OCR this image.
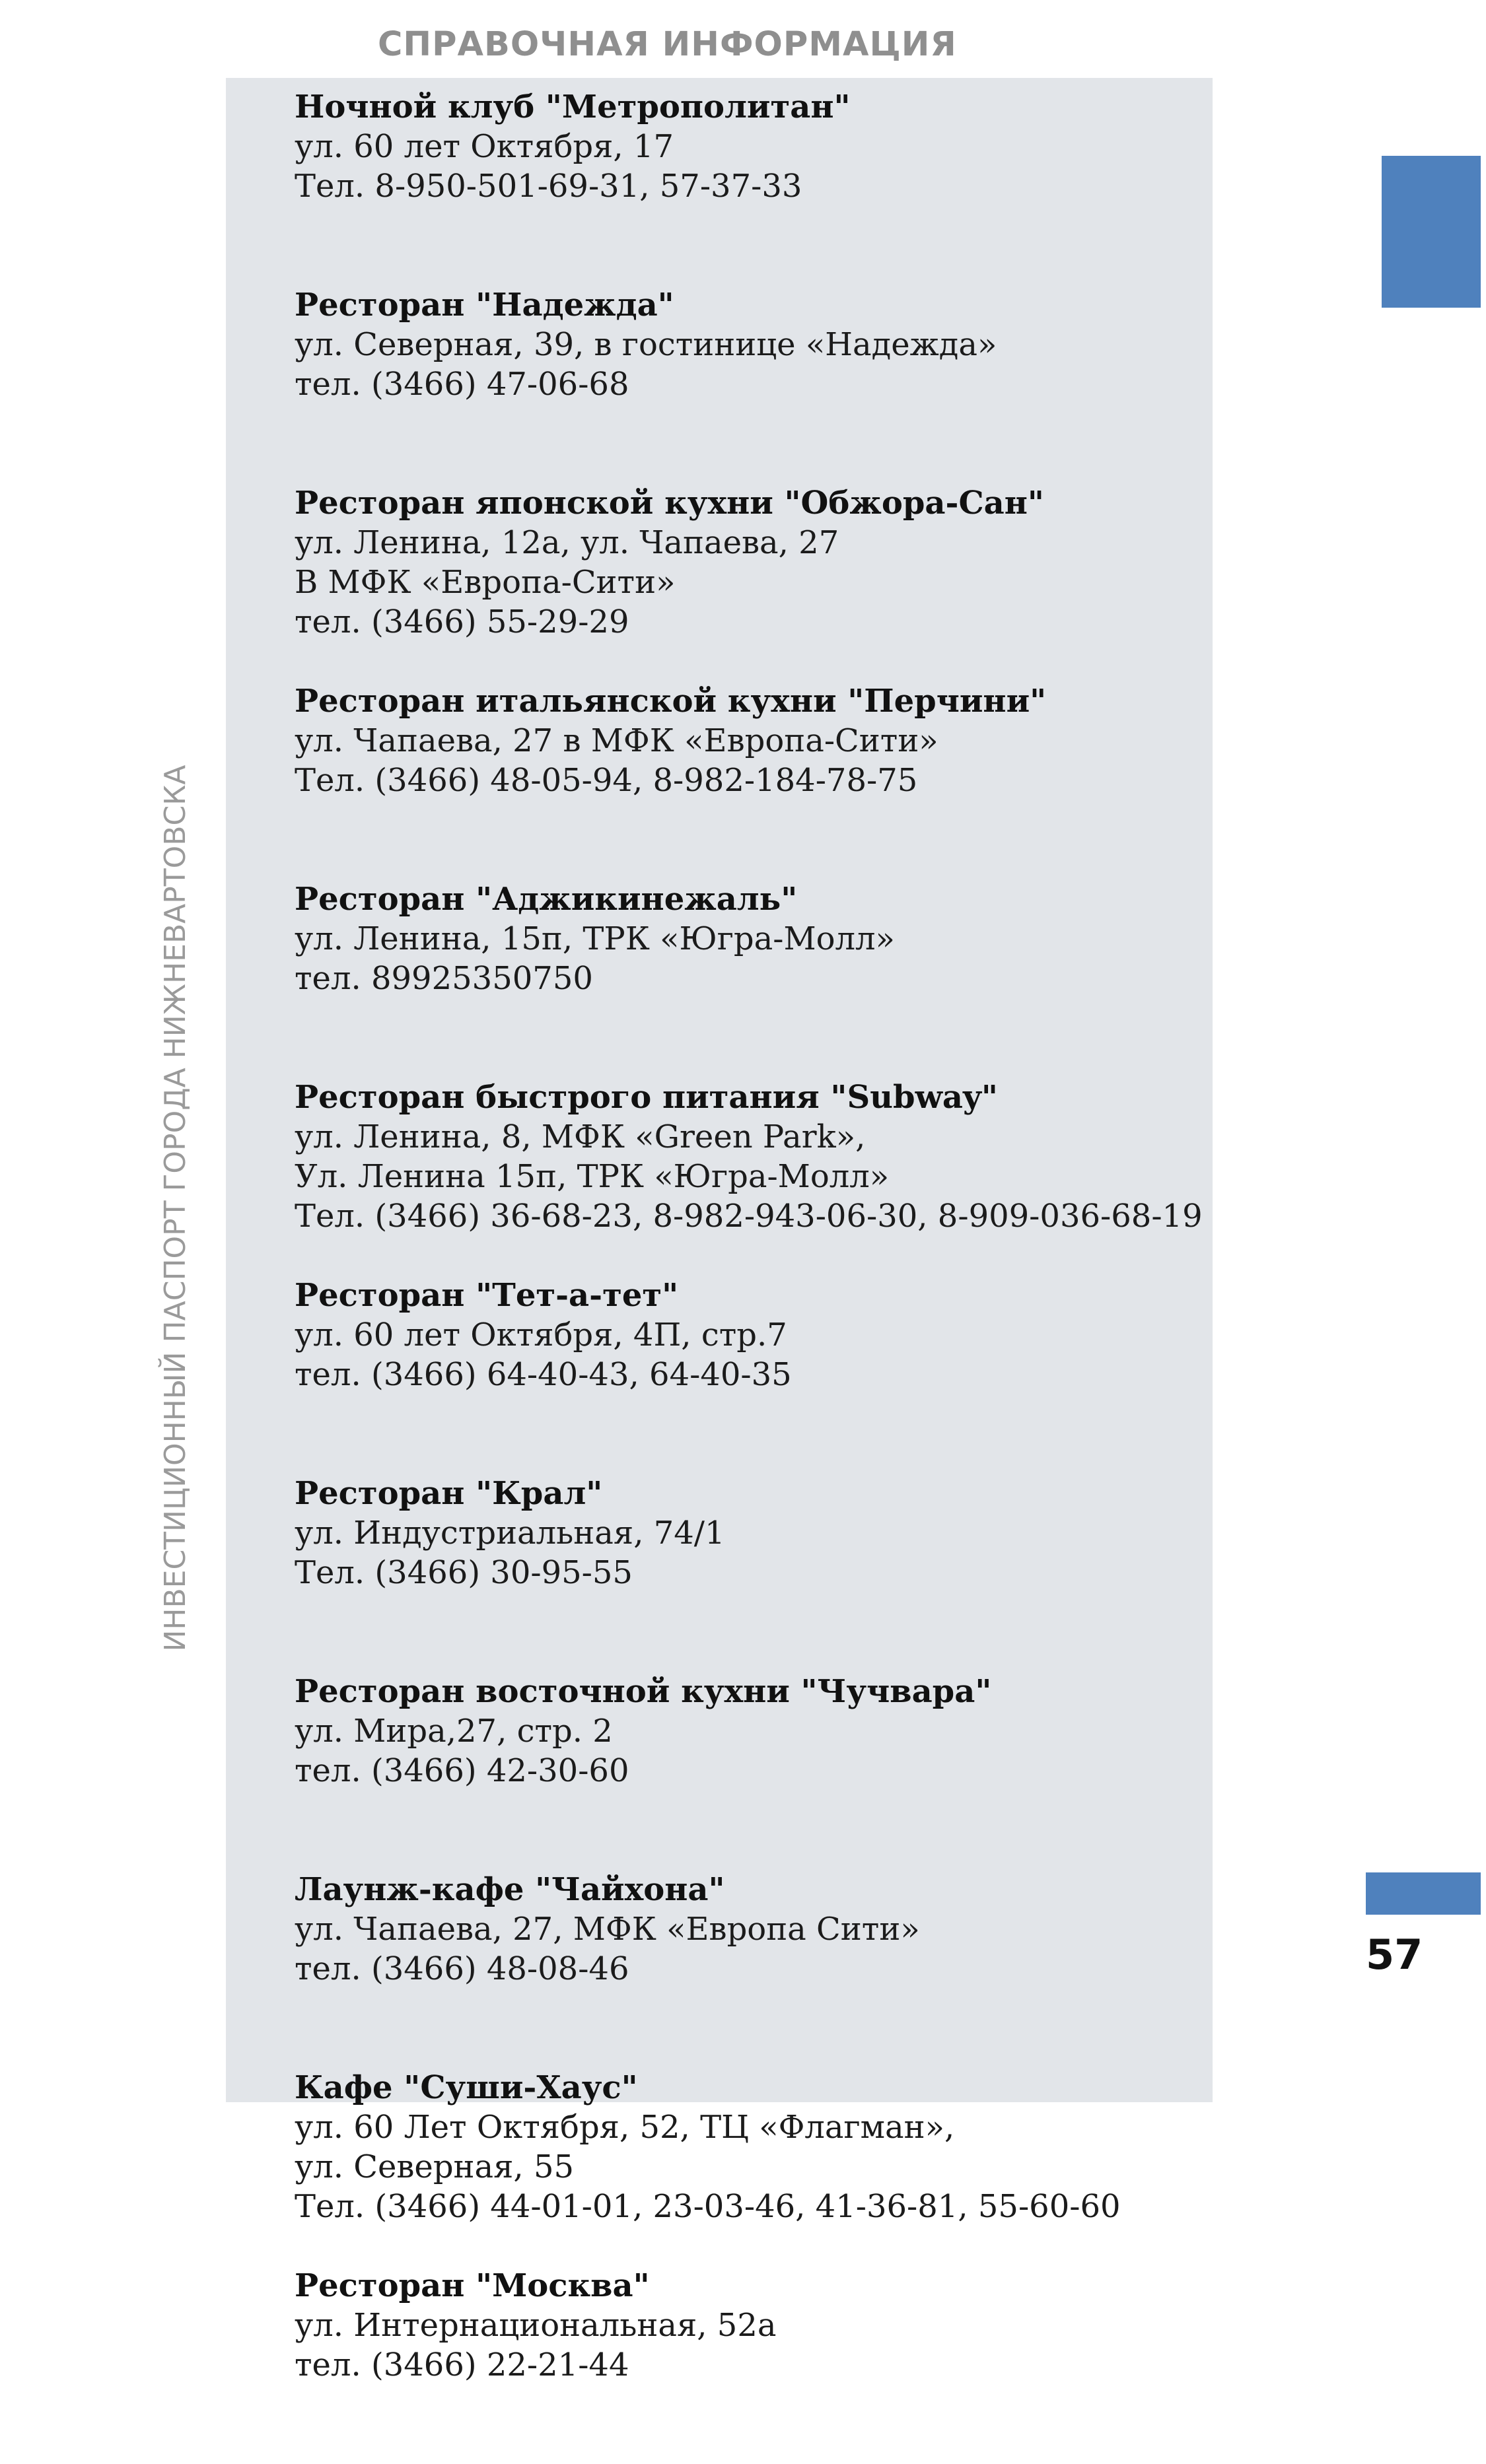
СПРАВОЧНАЯ ИНФОРМАЦИЯ
ИНВЕСТИЦИОННЫЙ ПАСПОРТ ГОРОДА НИЖНЕВАРТОВСКА
Ночной клуб "Метрополитан"
ул. 60 лет Октября, 17
Тел. 8-950-501-69-31, 57-37-33
Ресторан "Надежда"
ул. Северная, 39, в гостинице «Надежда»
тел. (3466) 47-06-68
Ресторан японской кухни "Обжора-Сан"
ул. Ленина, 12а, ул. Чапаева, 27
В МФК «Европа-Сити»
тел. (3466) 55-29-29
Ресторан итальянской кухни "Перчини"
ул. Чапаева, 27 в МФК «Европа-Сити»
Тел. (3466) 48-05-94, 8-982-184-78-75
Ресторан "Аджикинежаль"
ул. Ленина, 15п, ТРК «Югра-Молл»
тел. 89925350750
Ресторан быстрого питания "Subway"
ул. Ленина, 8, МФК «Green Park»,
Ул. Ленина 15п, ТРК «Югра-Молл»
Тел. (3466) 36-68-23, 8-982-943-06-30, 8-909-036-68-19
Ресторан "Тет-а-тет"
ул. 60 лет Октября, 4П, стр.7
тел. (3466) 64-40-43, 64-40-35
Ресторан "Крал"
ул. Индустриальная, 74/1
Тел. (3466) 30-95-55
Ресторан восточной кухни "Чучвара"
ул. Мира,27, стр. 2
тел. (3466) 42-30-60
Лаунж-кафе "Чайхона"
ул. Чапаева, 27, МФК «Европа Сити»
тел. (3466) 48-08-46
Кафе "Суши-Хаус"
ул. 60 Лет Октября, 52, ТЦ «Флагман»,
ул. Северная, 55
Тел. (3466) 44-01-01, 23-03-46, 41-36-81, 55-60-60
Ресторан "Москва"
ул. Интернациональная, 52а
тел. (3466) 22-21-44
57
